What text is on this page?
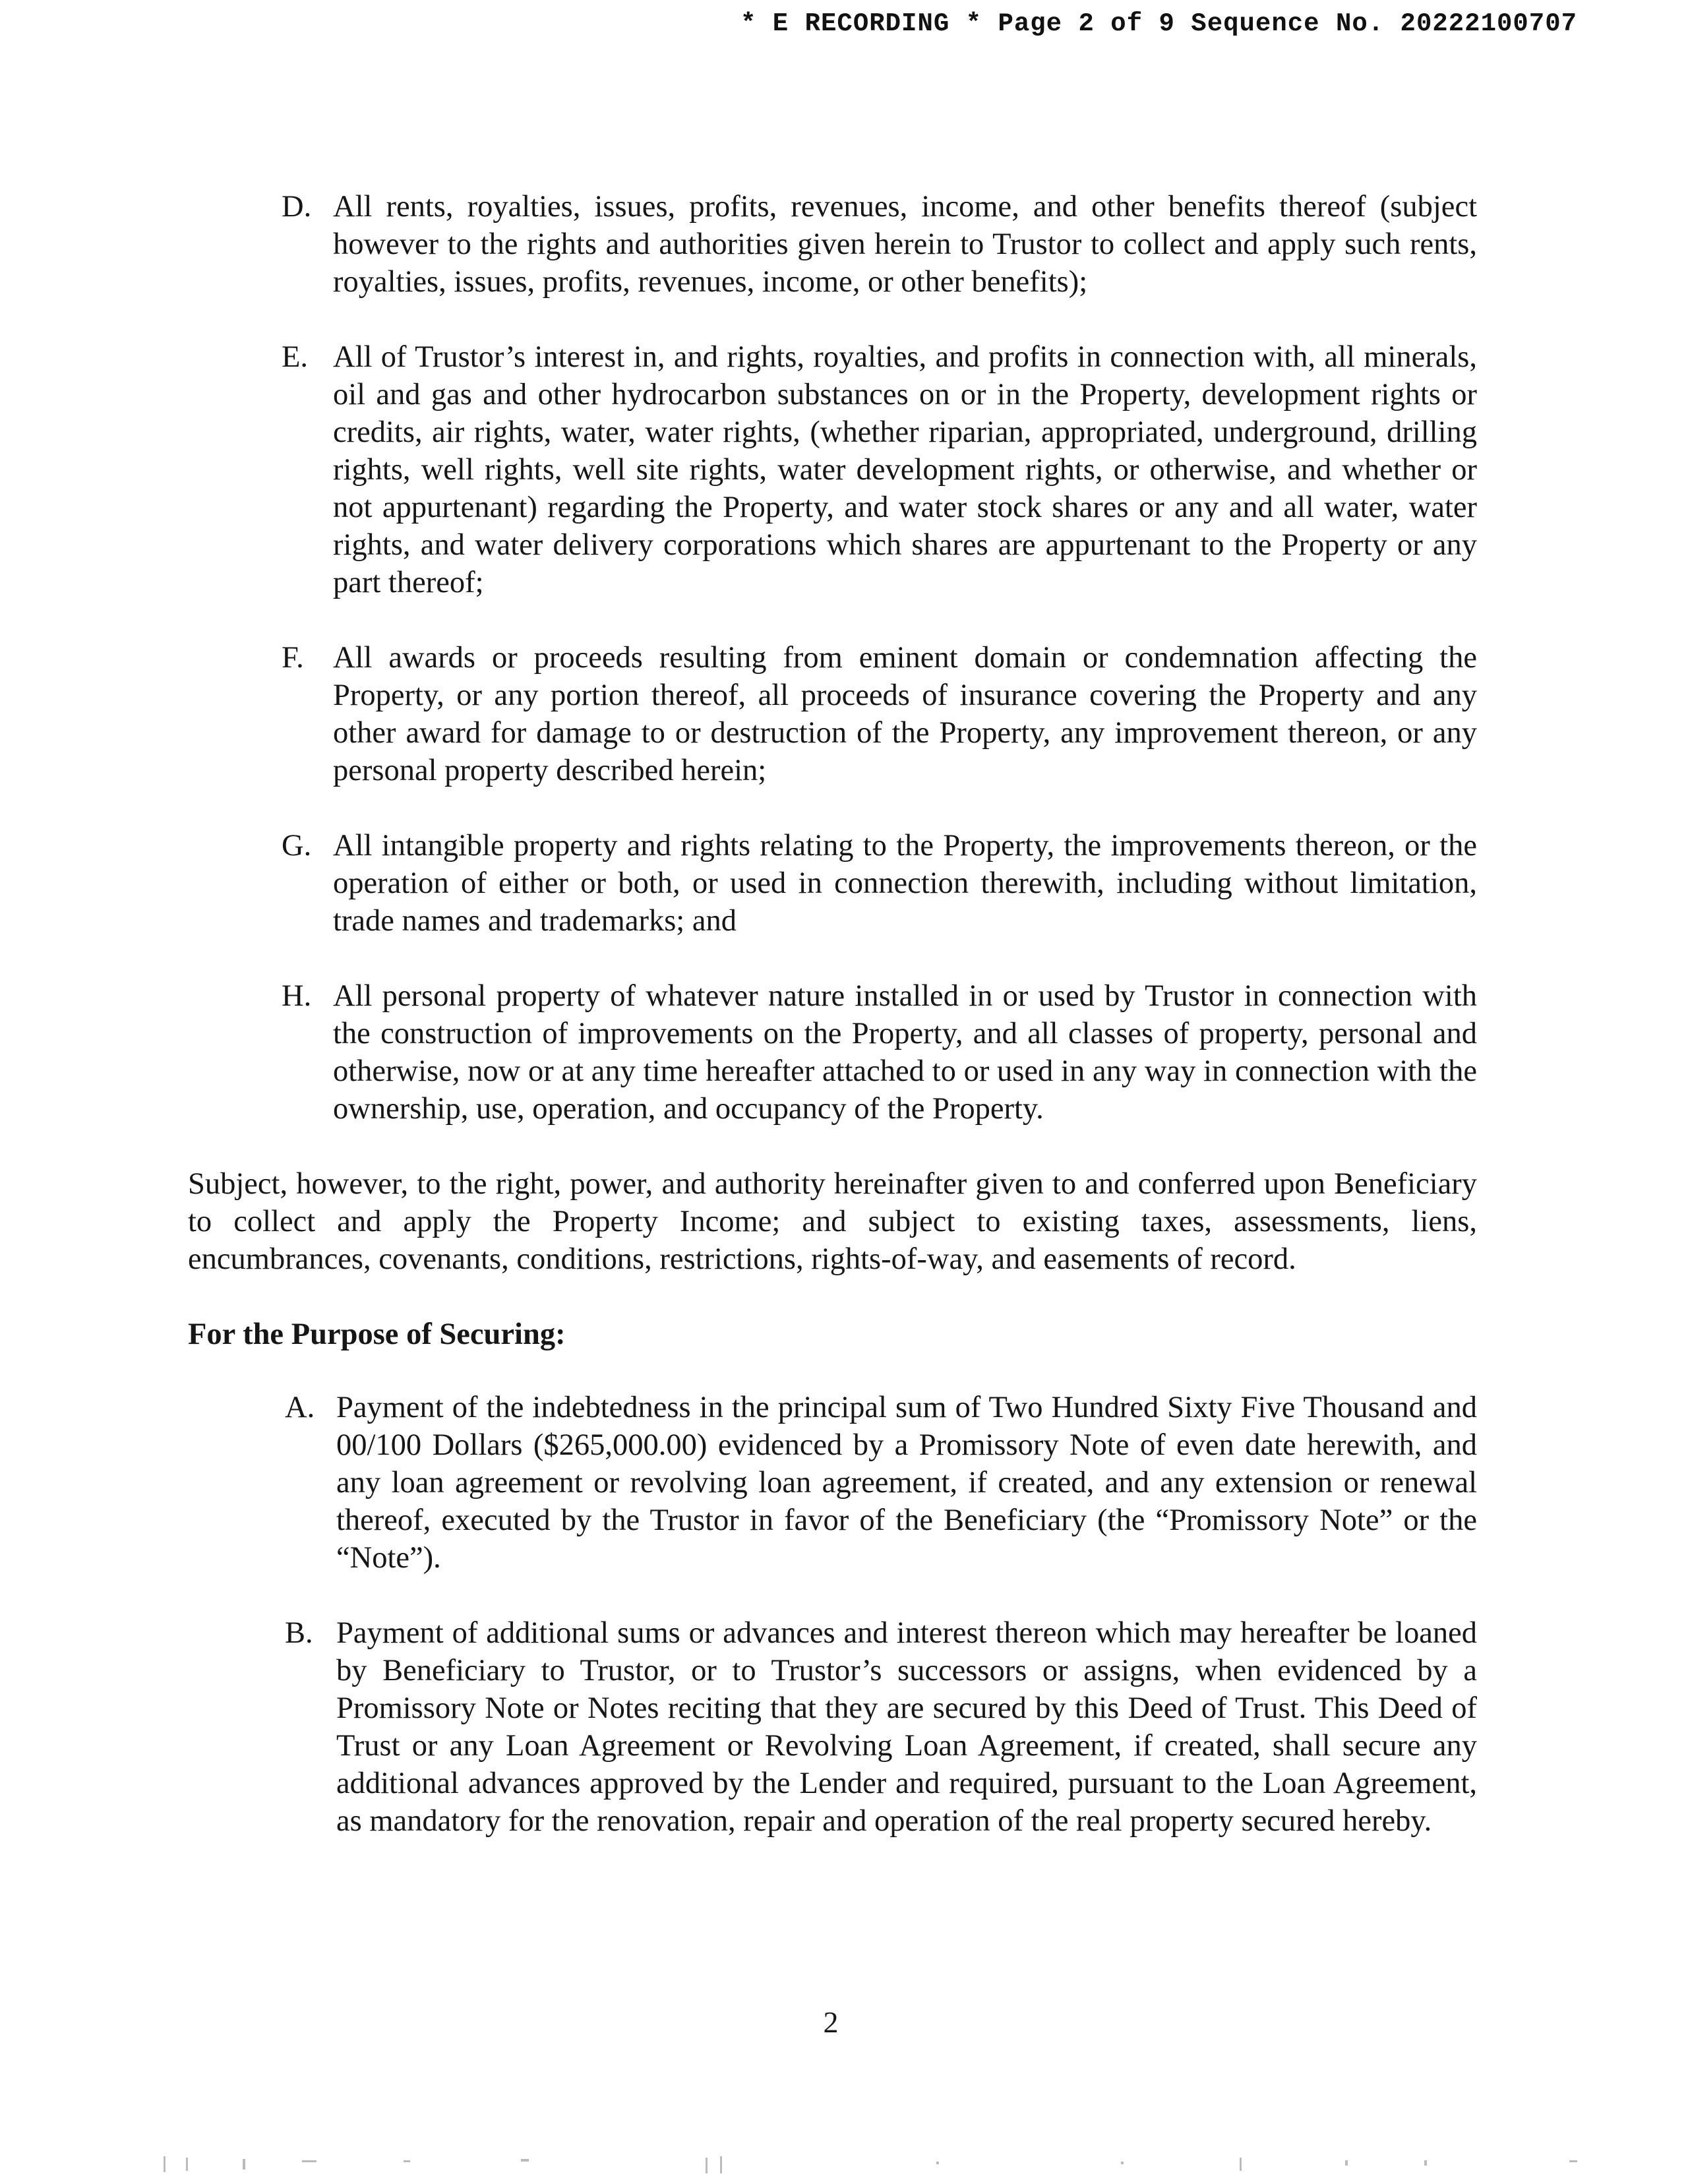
* E RECORDING * Page 2 of 9 Sequence No. 20222100707
D. All rents, royalties, issues, profits, revenues, income, and other benefits thereof (subject however to the rights and authorities given herein to Trustor to collect and apply such rents, royalties, issues, profits, revenues, income, or other benefits);
E. All of Trustor’s interest in, and rights, royalties, and profits in connection with, all minerals, oil and gas and other hydrocarbon substances on or in the Property, development rights or credits, air rights, water, water rights, (whether riparian, appropriated, underground, drilling rights, well rights, well site rights, water development rights, or otherwise, and whether or not appurtenant) regarding the Property, and water stock shares or any and all water, water rights, and water delivery corporations which shares are appurtenant to the Property or any part thereof;
F. All awards or proceeds resulting from eminent domain or condemnation affecting the Property, or any portion thereof, all proceeds of insurance covering the Property and any other award for damage to or destruction of the Property, any improvement thereon, or any personal property described herein;
G. All intangible property and rights relating to the Property, the improvements thereon, or the operation of either or both, or used in connection therewith, including without limitation, trade names and trademarks; and
H. All personal property of whatever nature installed in or used by Trustor in connection with the construction of improvements on the Property, and all classes of property, personal and otherwise, now or at any time hereafter attached to or used in any way in connection with the ownership, use, operation, and occupancy of the Property.

Subject, however, to the right, power, and authority hereinafter given to and conferred upon Beneficiary to collect and apply the Property Income; and subject to existing taxes, assessments, liens, encumbrances, covenants, conditions, restrictions, rights-of-way, and easements of record.

For the Purpose of Securing:

A. Payment of the indebtedness in the principal sum of Two Hundred Sixty Five Thousand and 00/100 Dollars ($265,000.00) evidenced by a Promissory Note of even date herewith, and any loan agreement or revolving loan agreement, if created, and any extension or renewal thereof, executed by the Trustor in favor of the Beneficiary (the “Promissory Note” or the “Note”).
B. Payment of additional sums or advances and interest thereon which may hereafter be loaned by Beneficiary to Trustor, or to Trustor’s successors or assigns, when evidenced by a Promissory Note or Notes reciting that they are secured by this Deed of Trust. This Deed of Trust or any Loan Agreement or Revolving Loan Agreement, if created, shall secure any additional advances approved by the Lender and required, pursuant to the Loan Agreement, as mandatory for the renovation, repair and operation of the real property secured hereby.
2
